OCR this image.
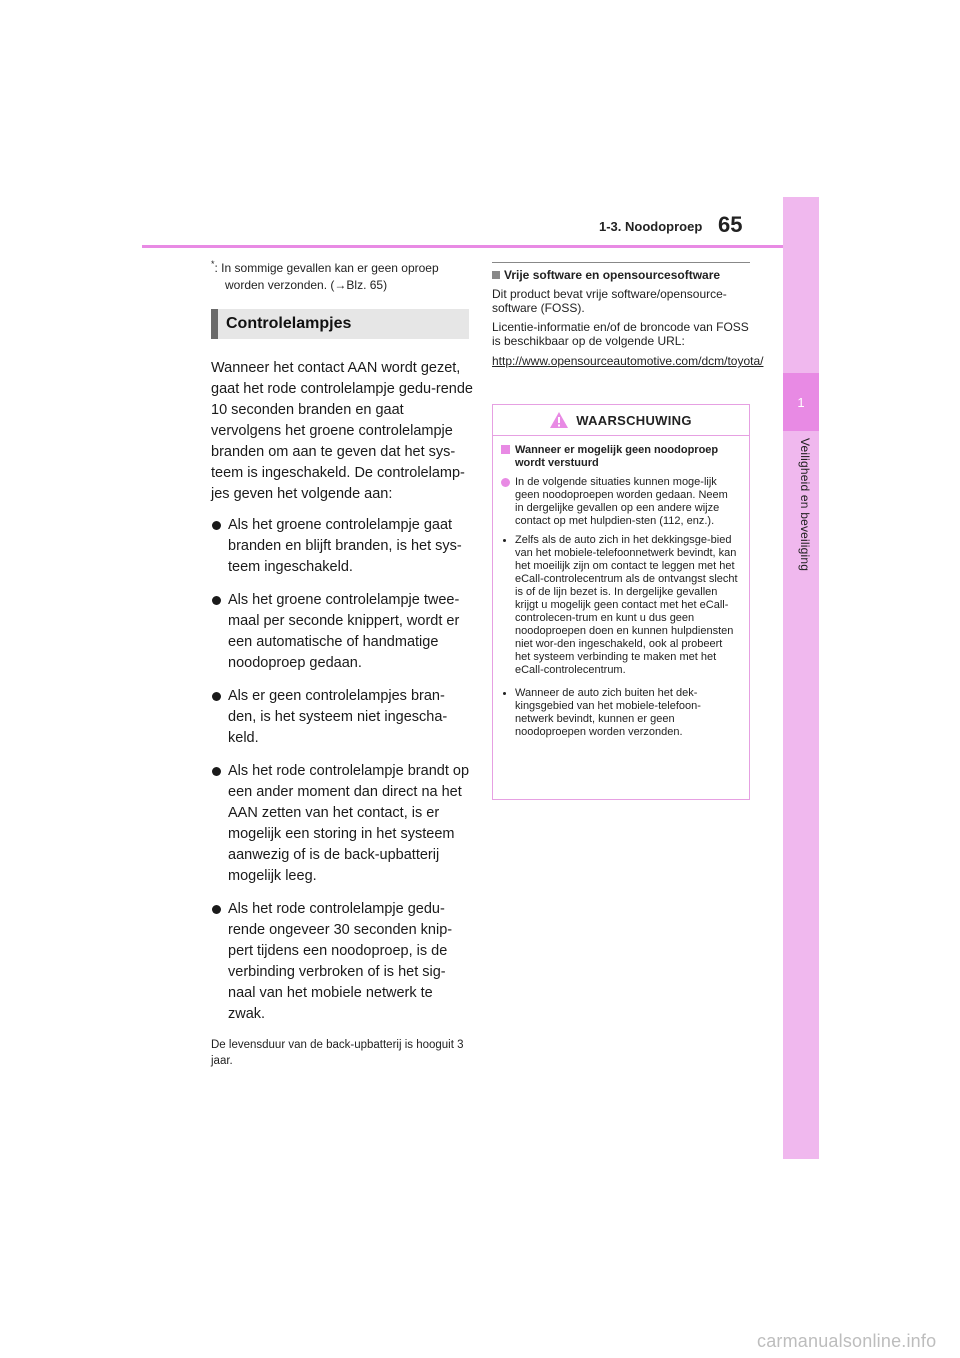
1
Veiligheid en beveiliging
1-3. Noodoproep 65
*: In sommige gevallen kan er geen oproep worden verzonden. (→Blz. 65)
Controlelampjes
Wanneer het contact AAN wordt gezet, gaat het rode controlelampje gedu-rende 10 seconden branden en gaat vervolgens het groene controlelampje branden om aan te geven dat het sys-teem is ingeschakeld. De controlelamp-jes geven het volgende aan:
Als het groene controlelampje gaat branden en blijft branden, is het sys-teem ingeschakeld.
Als het groene controlelampje twee-maal per seconde knippert, wordt er een automatische of handmatige noodoproep gedaan.
Als er geen controlelampjes bran-den, is het systeem niet ingescha-keld.
Als het rode controlelampje brandt op een ander moment dan direct na het AAN zetten van het contact, is er mogelijk een storing in het systeem aanwezig of is de back-upbatterij mogelijk leeg.
Als het rode controlelampje gedu-rende ongeveer 30 seconden knip-pert tijdens een noodoproep, is de verbinding verbroken of is het sig-naal van het mobiele netwerk te zwak.
De levensduur van de back-upbatterij is hooguit 3 jaar.
Vrije software en opensourcesoftware
Dit product bevat vrije software/opensource-software (FOSS).
Licentie-informatie en/of de broncode van FOSS is beschikbaar op de volgende URL:
http://www.opensourceautomotive.com/dcm/toyota/
WAARSCHUWING
Wanneer er mogelijk geen noodoproep wordt verstuurd
In de volgende situaties kunnen moge-lijk geen noodoproepen worden gedaan. Neem in dergelijke gevallen op een andere wijze contact op met hulpdien-sten (112, enz.).
Zelfs als de auto zich in het dekkingsge-bied van het mobiele-telefoonnetwerk bevindt, kan het moeilijk zijn om contact te leggen met het eCall-controlecentrum als de ontvangst slecht is of de lijn bezet is. In dergelijke gevallen krijgt u mogelijk geen contact met het eCall-controlecen-trum en kunt u dus geen noodoproepen doen en kunnen hulpdiensten niet wor-den ingeschakeld, ook al probeert het systeem verbinding te maken met het eCall-controlecentrum.
Wanneer de auto zich buiten het dek-kingsgebied van het mobiele-telefoon-netwerk bevindt, kunnen er geen noodoproepen worden verzonden.
carmanualsonline.info
